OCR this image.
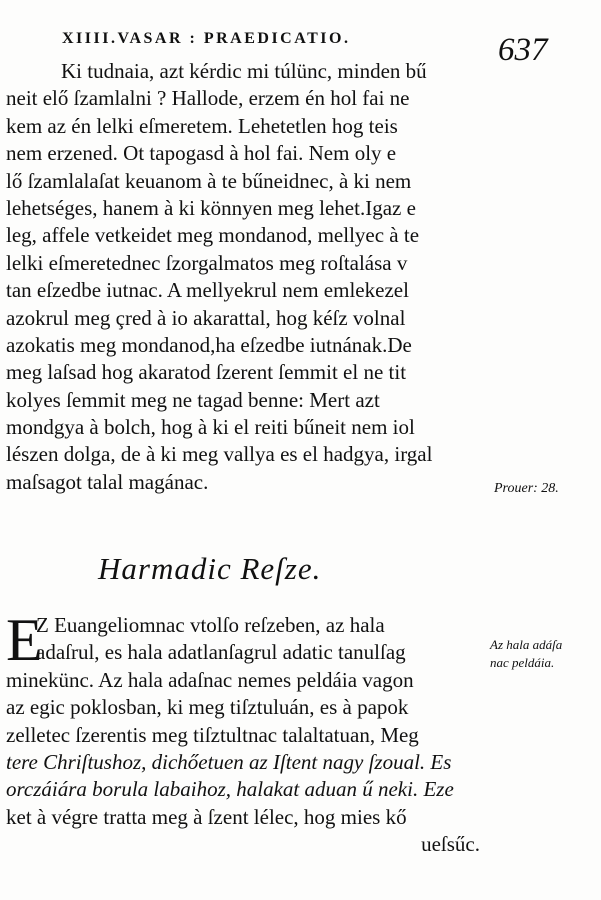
XIIII.VASAR : PRAEDICATIO.	637
Ki tudnaia, azt kérdic mi túlünc, minden bű
neit elő ſzamlalni ? Hallode, erzem én hol fai ne
kem az én lelki eſmeretem. Lehetetlen hog teis
nem erzened. Ot tapogasd à hol fai. Nem oly e
lő ſzamlalaſat keuanom à te bűneidnec, à ki nem
lehetséges, hanem à ki könnyen meg lehet.Igaz e
leg, affele vetkeidet meg mondanod, mellyec à te
lelki eſmeretednec ſzorgalmatos meg roſtalása v
tan eſzedbe iutnac. A mellyekrul nem emlekezel
azokrul meg çred à io akarattal, hog kéſz volnal
azokatis meg mondanod,ha eſzedbe iutnának.De
meg laſsad hog akaratod ſzerent ſemmit el ne tit
kolyes ſemmit meg ne tagad benne: Mert azt
mondgya à bolch, hog à ki el reiti bűneit nem iol
lészen dolga, de à ki meg vallya es el hadgya, irgal
maſsagot talal magánac.	Prouer: 28.
Harmadic Reſze.
E
Z Euangeliomnac vtolſo reſzeben, az hala
adaſrul, es hala adatlanſagrul adatic tanulſag
minekünc. Az hala adaſnac nemes peldáia vagon
az egic poklosban, ki meg tiſztuluán, es à papok
zelletec ſzerentis meg tiſztultnac talaltatuan, Meg
tere Chriſtushoz, dichőetuen az Iſtent nagy ſzoual. Es
orczáiára borula labaihoz, halakat aduan ű neki. Eze
ket à végre tratta meg à ſzent lélec, hog mies kő
ueſsűc.
Az hala adáſa
nac peldáia.
